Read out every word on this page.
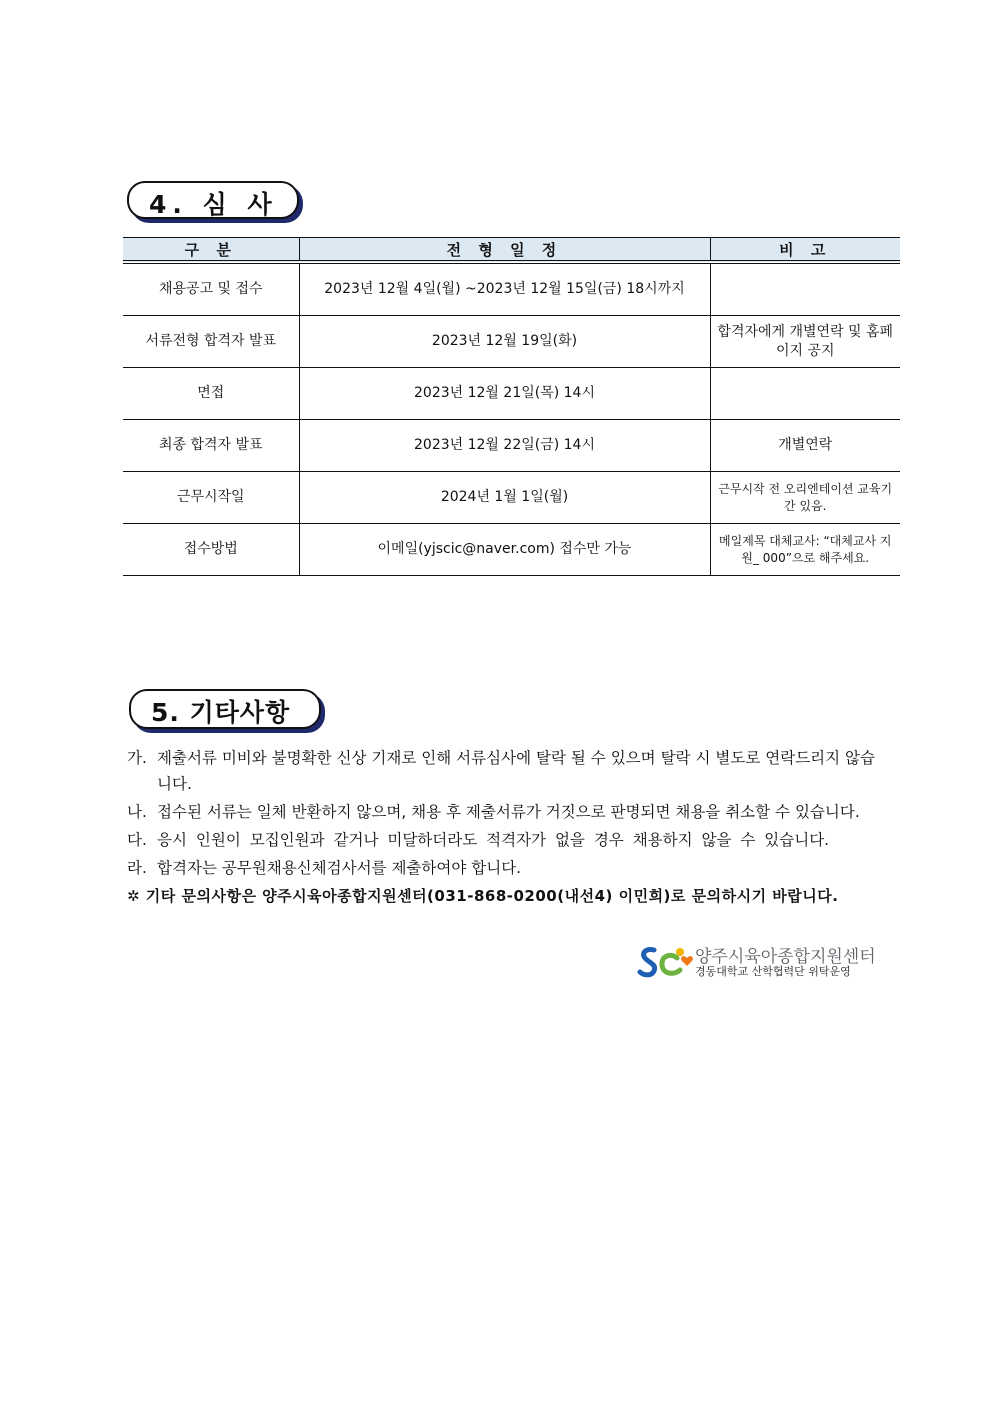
4. 심 사
구 분	전 형 일 정	비 고
채용공고 및 접수	2023년 12월 4일(월) ~2023년 12월 15일(금) 18시까지	
서류전형 합격자 발표	2023년 12월 19일(화)	합격자에게 개별연락 및 홈페이지 공지
면접	2023년 12월 21일(목) 14시	
최종 합격자 발표	2023년 12월 22일(금) 14시	개별연락
근무시작일	2024년 1월 1일(월)	근무시작 전 오리엔테이션 교육기간 있음.
접수방법	이메일(yjscic@naver.com) 접수만 가능	메일제목 대체교사: “대체교사 지원_ 000”으로 해주세요.
5. 기타사항
가. 제출서류 미비와 불명확한 신상 기재로 인해 서류심사에 탈락 될 수 있으며 탈락 시 별도로 연락드리지 않습니다.
나. 접수된 서류는 일체 반환하지 않으며, 채용 후 제출서류가 거짓으로 판명되면 채용을 취소할 수 있습니다.
다. 응시 인원이 모집인원과 같거나 미달하더라도 적격자가 없을 경우 채용하지 않을 수 있습니다.
라. 합격자는 공무원채용신체검사서를 제출하여야 합니다.
✲ 기타 문의사항은 양주시육아종합지원센터(031-868-0200(내선4) 이민희)로 문의하시기 바랍니다.
양주시육아종합지원센터
경동대학교 산학협력단 위탁운영
